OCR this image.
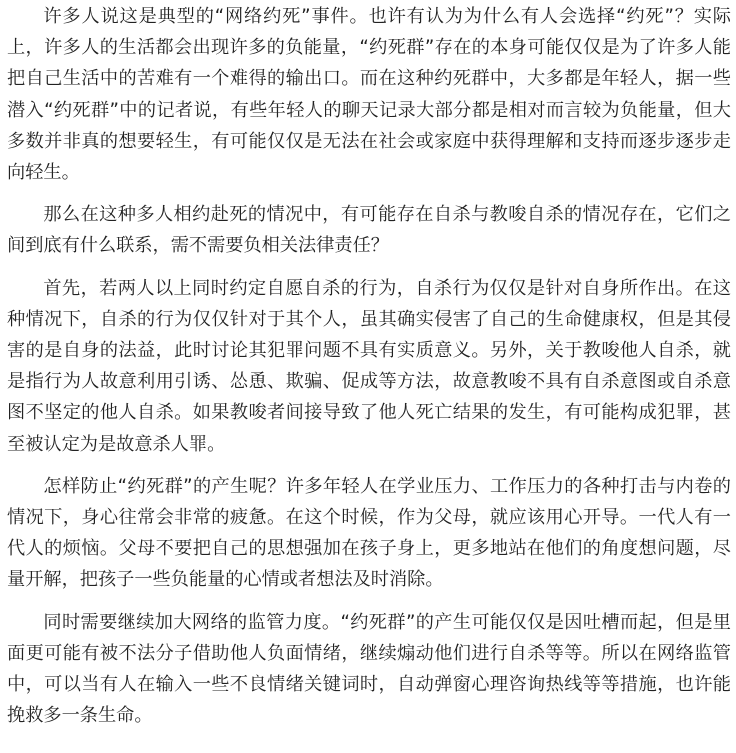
许多人说这是典型的“网络约死”事件。也许有认为为什么有人会选择“约死”？实际上，许多人的生活都会出现许多的负能量，“约死群”存在的本身可能仅仅是为了许多人能把自己生活中的苦难有一个难得的输出口。而在这种约死群中，大多都是年轻人，据一些潜入“约死群”中的记者说，有些年轻人的聊天记录大部分都是相对而言较为负能量，但大多数并非真的想要轻生，有可能仅仅是无法在社会或家庭中获得理解和支持而逐步逐步走向轻生。

那么在这种多人相约赴死的情况中，有可能存在自杀与教唆自杀的情况存在，它们之间到底有什么联系，需不需要负相关法律责任？

首先，若两人以上同时约定自愿自杀的行为，自杀行为仅仅是针对自身所作出。在这种情况下，自杀的行为仅仅针对于其个人，虽其确实侵害了自己的生命健康权，但是其侵害的是自身的法益，此时讨论其犯罪问题不具有实质意义。另外，关于教唆他人自杀，就是指行为人故意利用引诱、怂恿、欺骗、促成等方法，故意教唆不具有自杀意图或自杀意图不坚定的他人自杀。如果教唆者间接导致了他人死亡结果的发生，有可能构成犯罪，甚至被认定为是故意杀人罪。

怎样防止“约死群”的产生呢？许多年轻人在学业压力、工作压力的各种打击与内卷的情况下，身心往常会非常的疲惫。在这个时候，作为父母，就应该用心开导。一代人有一代人的烦恼。父母不要把自己的思想强加在孩子身上，更多地站在他们的角度想问题，尽量开解，把孩子一些负能量的心情或者想法及时消除。

同时需要继续加大网络的监管力度。“约死群”的产生可能仅仅是因吐槽而起，但是里面更可能有被不法分子借助他人负面情绪，继续煽动他们进行自杀等等。所以在网络监管中，可以当有人在输入一些不良情绪关键词时，自动弹窗心理咨询热线等等措施，也许能挽救多一条生命。
